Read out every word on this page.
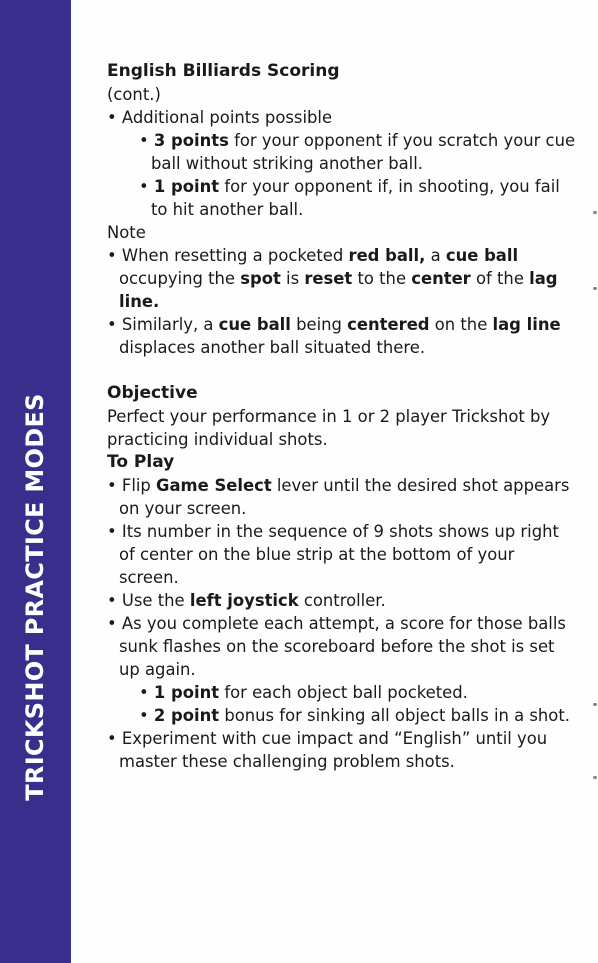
TRICKSHOT PRACTICE MODES

English Billiards Scoring

(cont.)

• Additional points possible

• 3 points for your opponent if you scratch your cue ball without striking another ball.

• 1 point for your opponent if, in shooting, you fail to hit another ball.

Note

• When resetting a pocketed red ball, a cue ball occupying the spot is reset to the center of the lag line.

• Similarly, a cue ball being centered on the lag line displaces another ball situated there.

Objective

Perfect your performance in 1 or 2 player Trickshot by practicing individual shots.

To Play

• Flip Game Select lever until the desired shot appears on your screen.

• Its number in the sequence of 9 shots shows up right of center on the blue strip at the bottom of your screen.

• Use the left joystick controller.

• As you complete each attempt, a score for those balls sunk flashes on the scoreboard before the shot is set up again.

• 1 point for each object ball pocketed.

• 2 point bonus for sinking all object balls in a shot.

• Experiment with cue impact and “English” until you master these challenging problem shots.
